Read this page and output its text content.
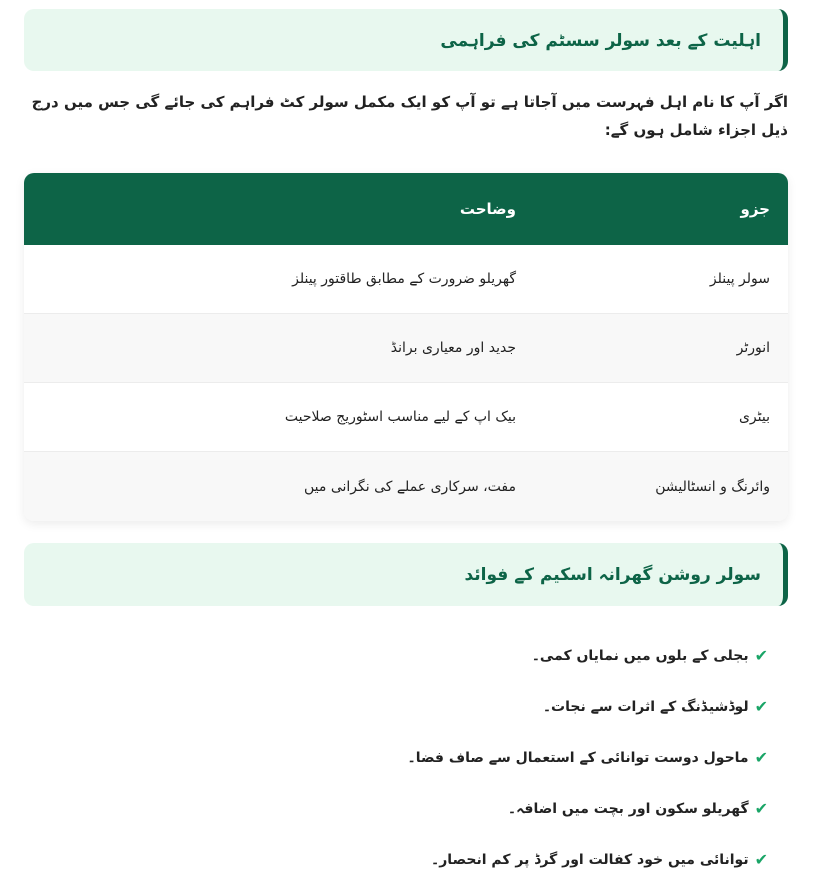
اہلیت کے بعد سولر سسٹم کی فراہمی

اگر آپ کا نام اہل فہرست میں آجاتا ہے تو آپ کو ایک مکمل سولر کٹ فراہم کی جائے گی جس میں درج ذیل اجزاء شامل ہوں گے:

جزو
وضاحت
سولر پینلز
گھریلو ضرورت کے مطابق طاقتور پینلز
انورٹر
جدید اور معیاری برانڈ
بیٹری
بیک اپ کے لیے مناسب اسٹوریج صلاحیت
وائرنگ و انسٹالیشن
مفت، سرکاری عملے کی نگرانی میں
سولر روشن گھرانہ اسکیم کے فوائد
✔
بجلی کے بلوں میں نمایاں کمی۔
✔
لوڈشیڈنگ کے اثرات سے نجات۔
✔
ماحول دوست توانائی کے استعمال سے صاف فضا۔
✔
گھریلو سکون اور بچت میں اضافہ۔
✔
توانائی میں خود کفالت اور گرڈ پر کم انحصار۔
